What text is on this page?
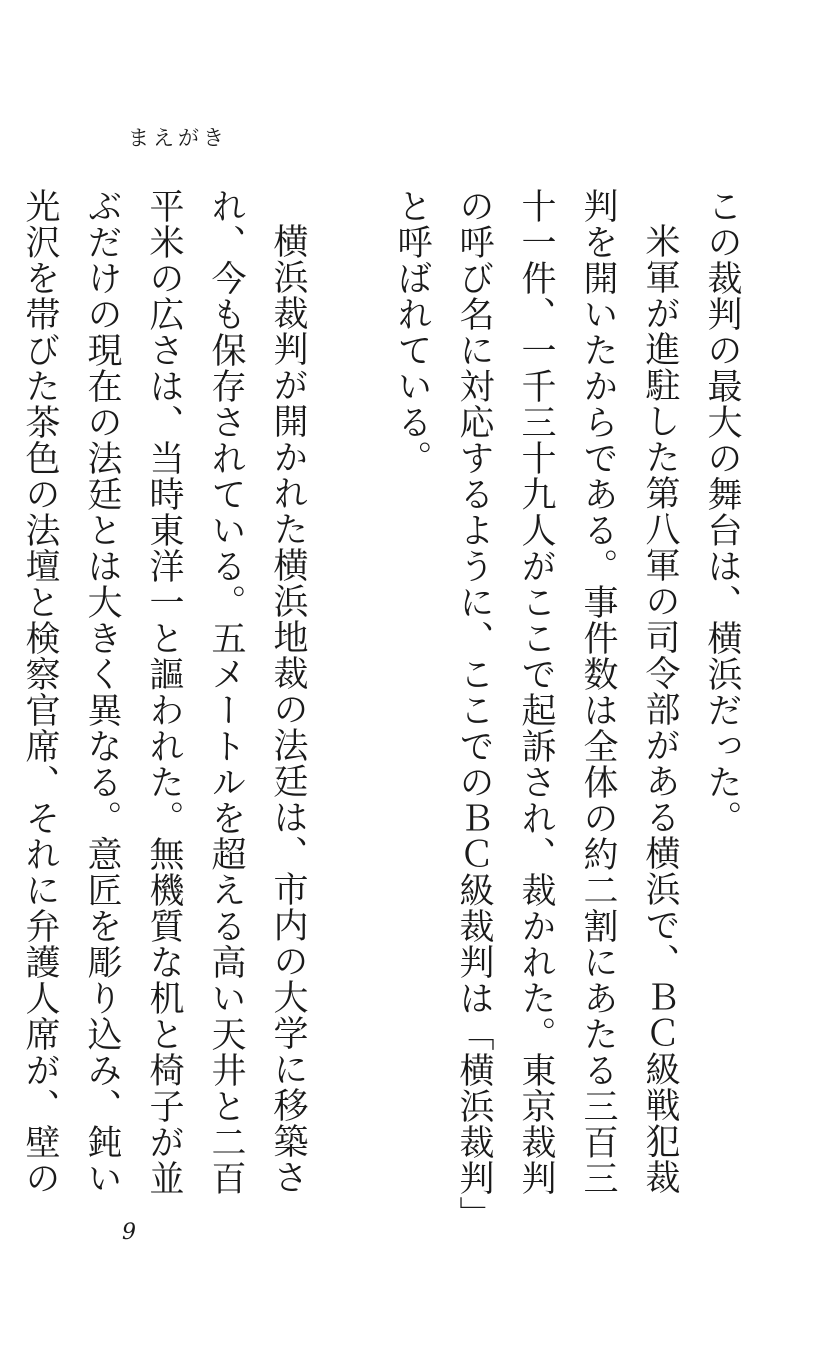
まえがき

この裁判の最大の舞台は、横浜だった。

米軍が進駐した第八軍の司令部がある横浜で、ＢＣ級戦犯裁判を開いたからである。事件数は全体の約二割にあたる三百三十一件、一千三十九人がここで起訴され、裁かれた。東京裁判の呼び名に対応するように、ここでのＢＣ級裁判は「横浜裁判」と呼ばれている。

横浜裁判が開かれた横浜地裁の法廷は、市内の大学に移築され、今も保存されている。五メートルを超える高い天井と二百平米の広さは、当時東洋一と謳われた。無機質な机と椅子が並ぶだけの現在の法廷とは大きく異なる。意匠を彫り込み、鈍い光沢を帯びた茶色の法壇と検察官席、それに弁護人席が、壁の

9
